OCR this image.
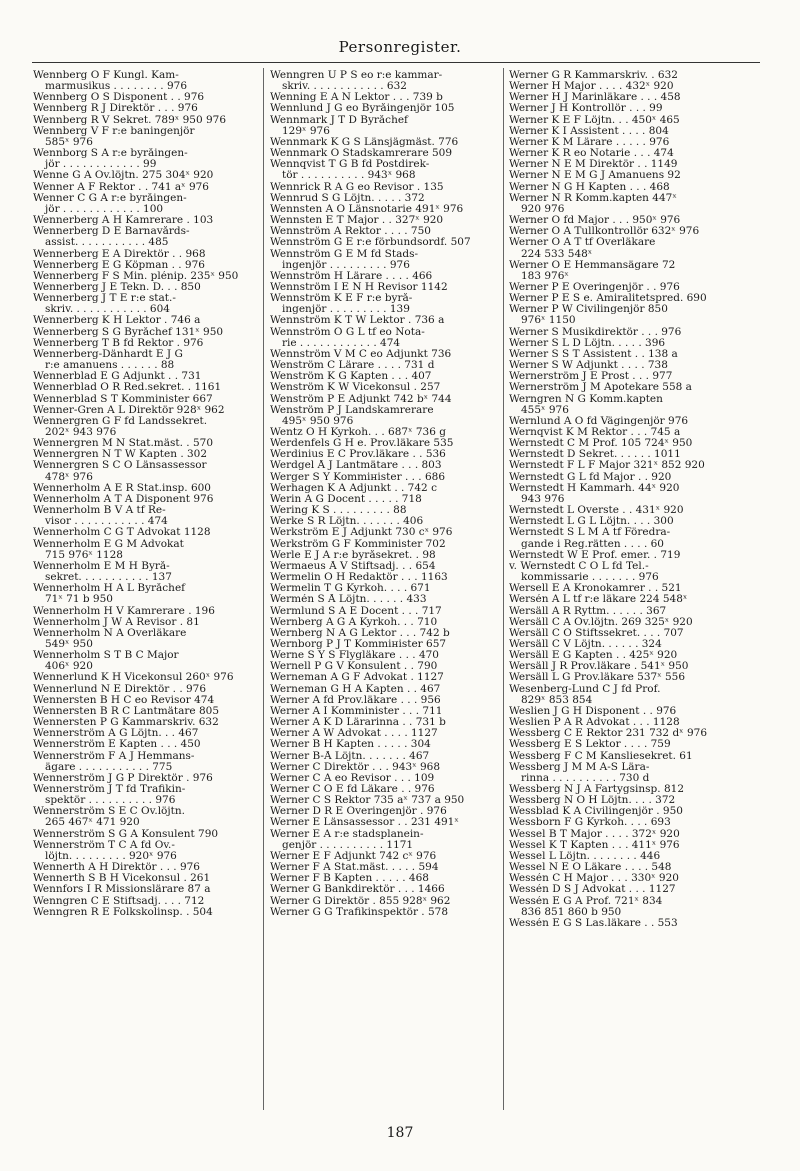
Personregister.
Wennberg O F Kungl. Kam-
marmusikus . . . . . . . . 976
Wennberg O S Disponent . . 976
Wennberg R J Direktör . . . 976
Wennberg R V Sekret. 789ˣ 950 976
Wennberg V F r:e baningenjör
585ˣ 976
Wennborg S A r:e byråingen-
jör . . . . . . . . . . . . 99
Wenne G A Öv.löjtn. 275 304ˣ 920
Wenner A F Rektor . . 741 aˣ 976
Wenner C G A r:e byråingen-
jör . . . . . . . . . . . . 100
Wennerberg A H Kamrerare . 103
Wennerberg D E Barnavårds-
assist. . . . . . . . . . . 485
Wennerberg E A Direktör . . 968
Wennerberg E G Köpman . . 976
Wennerberg F S Min. plénip. 235ˣ 950
Wennerberg J E Tekn. D. . . 850
Wennerberg J T E r:e stat.-
skriv. . . . . . . . . . . . 604
Wennerberg K H Lektor . 746 a
Wennerberg S G Byråchef 131ˣ 950
Wennerberg T B fd Rektor . 976
Wennerberg-Dänhardt E J G
r:e amanuens . . . . . . 88
Wennerblad E G Adjunkt . . 731
Wennerblad O R Red.sekret. . 1161
Wennerblad S T Komminister 667
Wenner-Gren A L Direktör 928ˣ 962
Wennergren G F fd Landssekret.
202ˣ 943 976
Wennergren M N Stat.mäst. . 570
Wennergren N T W Kapten . 302
Wennergren S C O Länsassessor
478ˣ 976
Wennerholm A E R Stat.insp. 600
Wennerholm A T A Disponent 976
Wennerholm B V A tf Re-
visor . . . . . . . . . . . 474
Wennerholm C G T Advokat 1128
Wennerholm E G M Advokat
715 976ˣ 1128
Wennerholm E M H Byrå-
sekret. . . . . . . . . . . 137
Wennerholm H A L Byråchef
71ˣ 71 b 950
Wennerholm H V Kamrerare . 196
Wennerholm J W A Revisor . 81
Wennerholm N A Överläkare
549ˣ 950
Wennerholm S T B C Major
406ˣ 920
Wennerlund K H Vicekonsul 260ˣ 976
Wennerlund N E Direktör . . 976
Wennersten B H C eo Revisor 474
Wennersten B R C Lantmätare 805
Wennersten P G Kammarskriv. 632
Wennerström A G Löjtn. . . 467
Wennerström E Kapten . . . 450
Wennerström F A J Hemmans-
ägare . . . . . . . . . . . 775
Wennerström J G P Direktör . 976
Wennerström J T fd Trafikin-
spektör . . . . . . . . . . 976
Wennerström S E C Öv.löjtn.
265 467ˣ 471 920
Wennerström S G A Konsulent 790
Wennerström T C A fd Öv.-
löjtn. . . . . . . . . 920ˣ 976
Wennerth A H Direktör . . . 976
Wennerth S B H Vicekonsul . 261
Wennfors I R Missionslärare 87 a
Wenngren C E Stiftsadj. . . . 712
Wenngren R E Folkskolinsp. . 504
Wenngren U P S eo r:e kammar-
skriv. . . . . . . . . . . . 632
Wenning E A N Lektor . . . 739 b
Wennlund J G eo Byråingenjör 105
Wennmark J T D Byråchef
129ˣ 976
Wennmark K G S Länsjägmäst. 776
Wennmark O Stadskamrerare 509
Wennqvist T G B fd Postdirek-
tör . . . . . . . . . . 943ˣ 968
Wennrick R A G eo Revisor . 135
Wennrud S G Löjtn. . . . . 372
Wennsten A O Länsnotarie 491ˣ 976
Wennsten E T Major . . 327ˣ 920
Wennström A Rektor . . . . 750
Wennström G E r:e förbundsordf. 507
Wennström G E M fd Stads-
ingenjör . . . . . . . . . 976
Wennström H Lärare . . . . 466
Wennström I E N H Revisor 1142
Wennström K E F r:e byrå-
ingenjör . . . . . . . . . 139
Wennström K T W Lektor . 736 a
Wennström O G L tf eo Nota-
rie . . . . . . . . . . . . 474
Wennström V M C eo Adjunkt 736
Wenström C Lärare . . . . 731 d
Wenström K G Kapten . . . 407
Wenström K W Vicekonsul . 257
Wenström P E Adjunkt 742 bˣ 744
Wenström P J Landskamrerare
495ˣ 950 976
Wentz O H Kyrkoh. . . 687ˣ 736 g
Werdenfels G H e. Prov.läkare 535
Werdinius E C Prov.läkare . . 536
Werdgel Å J Lantmätare . . . 803
Werger S Y Kommінister . . . 686
Werhagen K A Adjunkt . . 742 c
Werin A G Docent . . . . . 718
Wering K S . . . . . . . . . 88
Werke S R Löjtn. . . . . . . 406
Werkström E J Adjunkt 730 cˣ 976
Werkström G F Komminister 702
Werle E J A r:e byråsekret. . 98
Wermaeus Å V Stiftsadj. . . 654
Wermelin O H Redaktör . . . 1163
Wermelin T G Kyrkoh. . . . 671
Wermén S Å Löjtn. . . . . . 433
Wermlund S A E Docent . . . 717
Wernberg A G A Kyrkoh. . . 710
Wernberg N A G Lektor . . . 742 b
Wernborg P J T Kommінister 657
Werne S Y S Flygläkare . . . 470
Wernell P G V Konsulent . . 790
Werneman A G F Advokat . 1127
Werneman G H A Kapten . . 467
Werner A fd Prov.läkare . . . 956
Werner A I Komminister . . . 711
Werner A K D Lärarinna . . 731 b
Werner A W Advokat . . . . 1127
Werner B H Kapten . . . . . 304
Werner B-Å Löjtn. . . . . . . 467
Werner C Direktör . . . 943ˣ 968
Werner C A eo Revisor . . . 109
Werner C O E fd Läkare . . 976
Werner C S Rektor 735 aˣ 737 a 950
Werner D R E Överingenjör . 976
Werner E Länsassessor . . 231 491ˣ
Werner E A r:e stadsplanein-
genjör . . . . . . . . . . 1171
Werner E F Adjunkt 742 cˣ 976
Werner F A Stat.mäst. . . . . 594
Werner F B Kapten . . . . . 468
Werner G Bankdirektör . . . 1466
Werner G Direktör . 855 928ˣ 962
Werner G G Trafikinspektör . 578
Werner G R Kammarskriv. . 632
Werner H Major . . . . 432ˣ 920
Werner H J Marinläkare . . . 458
Werner J H Kontrollör . . . 99
Werner K E F Löjtn. . . 450ˣ 465
Werner K I Assistent . . . . 804
Werner K M Lärare . . . . . 976
Werner K R eo Notarie . . . 474
Werner N E M Direktör . . 1149
Werner N E M G J Amanuens 92
Werner N G H Kapten . . . 468
Werner N R Komm.kapten 447ˣ
920 976
Werner O fd Major . . . 950ˣ 976
Werner O A Tullkontrollör 632ˣ 976
Werner O A T tf Överläkare
224 533 548ˣ
Werner O E Hemmansägare 72
183 976ˣ
Werner P E Överingenjör . . 976
Werner P E S e. Amiralitetspred. 690
Werner P W Civilingenjör 850
976ˣ 1150
Werner S Musikdirektör . . . 976
Werner S L D Löjtn. . . . . 396
Werner S S T Assistent . . 138 a
Werner S W Adjunkt . . . . 738
Wernerström J E Prost . . . 977
Wernerström J M Apotekare 558 a
Werngren N G Komm.kapten
455ˣ 976
Wernlund A O fd Vägingenjör 976
Wernqvist K M Rektor . . . 745 a
Wernstedt C M Prof. 105 724ˣ 950
Wernstedt D Sekret. . . . . . 1011
Wernstedt F L F Major 321ˣ 852 920
Wernstedt G L fd Major . . 920
Wernstedt H Kammarh. 44ˣ 920
943 976
Wernstedt L Överste . . 431ˣ 920
Wernstedt L G L Löjtn. . . . 300
Wernstedt S L M A tf Föredra-
gande i Reg.rätten . . . . 60
Wernstedt W E Prof. emer. . 719
v. Wernstedt C O L fd Tel.-
kommissarie . . . . . . . 976
Wersell E A Kronokamrer . . 521
Wersén A L tf r:e läkare 224 548ˣ
Wersäll A R Ryttm. . . . . . 367
Wersäll C A Öv.löjtn. 269 325ˣ 920
Wersäll C O Stiftssekret. . . . 707
Wersäll C V Löjtn. . . . . . 324
Wersäll E G Kapten . . 425ˣ 920
Wersäll J R Prov.läkare . 541ˣ 950
Wersäll L G Prov.läkare 537ˣ 556
Wesenberg-Lund C J fd Prof.
829ˣ 853 854
Weslien J G H Disponent . . 976
Weslien P A R Advokat . . . 1128
Wessberg C E Rektor 231 732 dˣ 976
Wessberg E S Lektor . . . . 759
Wessberg F C M Kansliesekret. 61
Wessberg J M M A-S Lära-
rinna . . . . . . . . . . 730 d
Wessberg N J A Fartygsinsp. 812
Wessberg N O H Löjtn. . . . 372
Wessblad K A Civilingenjör . 950
Wessborn F G Kyrkoh. . . . 693
Wessel B T Major . . . . 372ˣ 920
Wessel K T Kapten . . . 411ˣ 976
Wessel L Löjtn. . . . . . . . 446
Wessel N E O Läkare . . . . 548
Wessén C H Major . . . 330ˣ 920
Wessén D S J Advokat . . . 1127
Wessén E G A Prof. 721ˣ 834
836 851 860 b 950
Wessén E G S Las.läkare . . 553
187
